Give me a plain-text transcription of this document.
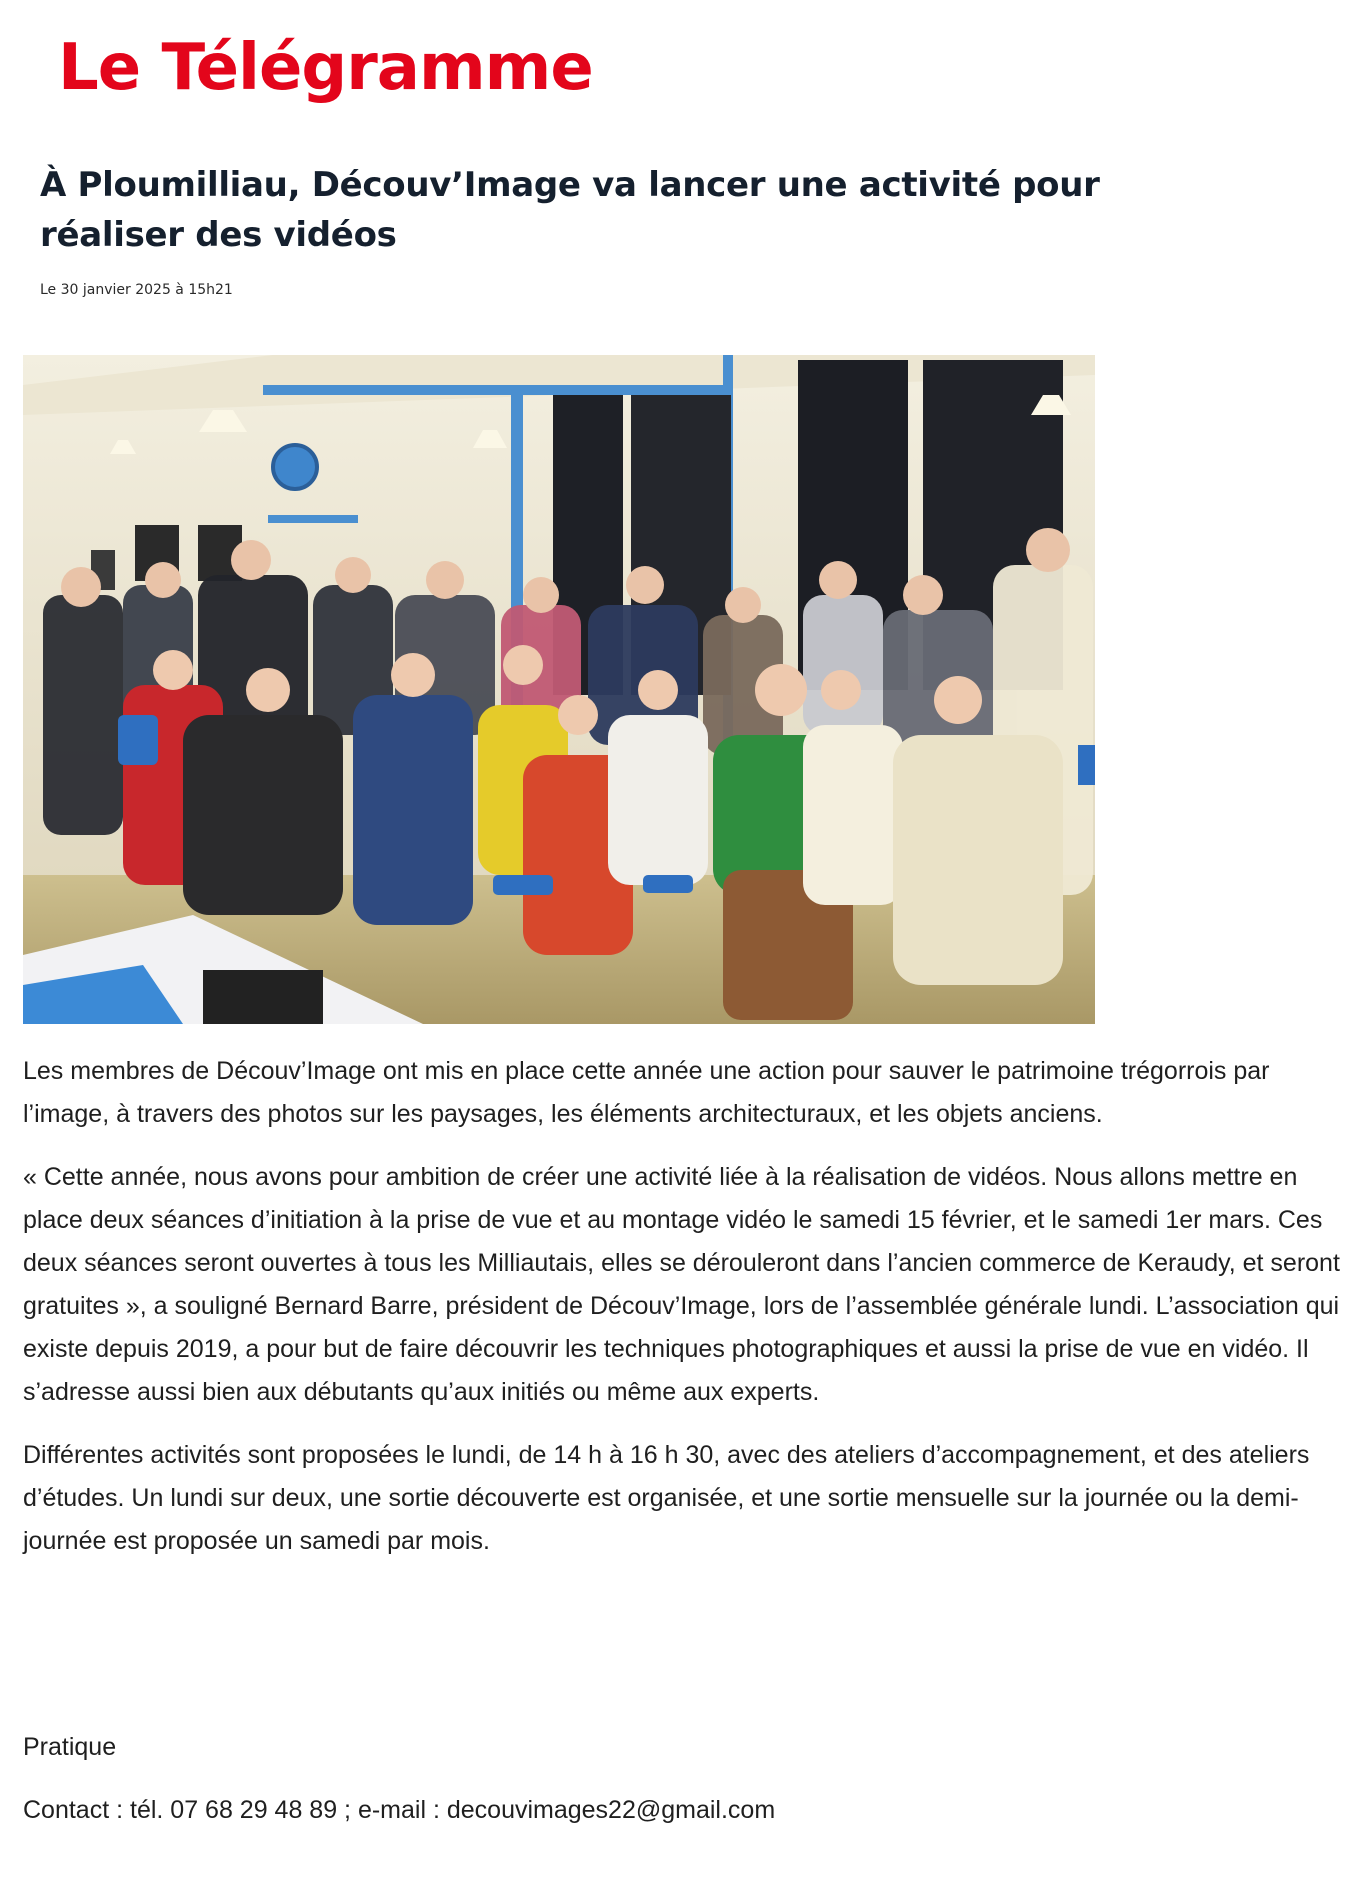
Le Télégramme
À Ploumilliau, Découv’Image va lancer une activité pour réaliser des vidéos
Le 30 janvier 2025 à 15h21

Les membres de Découv’Image ont mis en place cette année une action pour sauver le patrimoine trégorrois par l’image, à travers des photos sur les paysages, les éléments architecturaux, et les objets anciens.

« Cette année, nous avons pour ambition de créer une activité liée à la réalisation de vidéos. Nous allons mettre en place deux séances d’initiation à la prise de vue et au montage vidéo le samedi 15 février, et le samedi 1er mars. Ces deux séances seront ouvertes à tous les Milliautais, elles se dérouleront dans l’ancien commerce de Keraudy, et seront gratuites », a souligné Bernard Barre, président de Découv’Image, lors de l’assemblée générale lundi. L’association qui existe depuis 2019, a pour but de faire découvrir les techniques photographiques et aussi la prise de vue en vidéo. Il s’adresse aussi bien aux débutants qu’aux initiés ou même aux experts.

Différentes activités sont proposées le lundi, de 14 h à 16 h 30, avec des ateliers d’accompagnement, et des ateliers d’études. Un lundi sur deux, une sortie découverte est organisée, et une sortie mensuelle sur la journée ou la demi-journée est proposée un samedi par mois.

Pratique

Contact : tél. 07 68 29 48 89 ; e-mail : decouvimages22@gmail.com
